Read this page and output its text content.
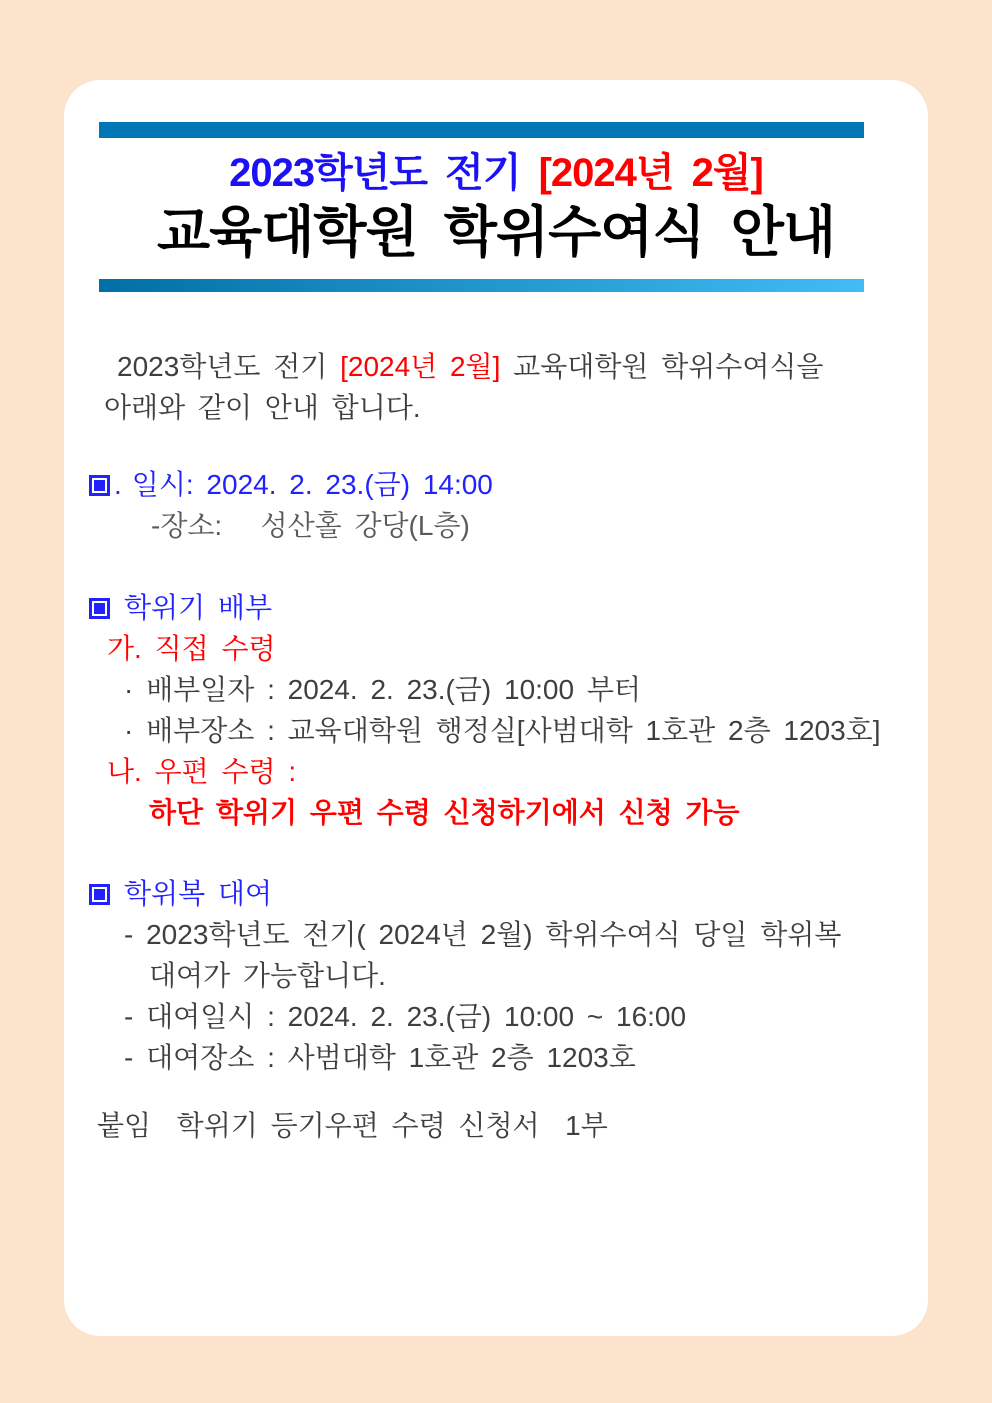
2023학년도 전기 [2024년 2월]
교육대학원 학위수여식 안내
2023학년도 전기 [2024년 2월] 교육대학원 학위수여식을
아래와 같이 안내 합니다.
. 일시: 2024. 2. 23.(금) 14:00
-장소:   성산홀 강당(L층)
학위기 배부
가. 직접 수령
· 배부일자 : 2024. 2. 23.(금) 10:00 부터
· 배부장소 : 교육대학원 행정실[사범대학 1호관 2층 1203호]
나. 우편 수령 :
하단 학위기 우편 수령 신청하기에서 신청 가능
학위복 대여
- 2023학년도 전기( 2024년 2월) 학위수여식 당일 학위복
대여가 가능합니다.
- 대여일시 : 2024. 2. 23.(금) 10:00 ~ 16:00
- 대여장소 : 사범대학 1호관 2층 1203호
붙임  학위기 등기우편 수령 신청서  1부
